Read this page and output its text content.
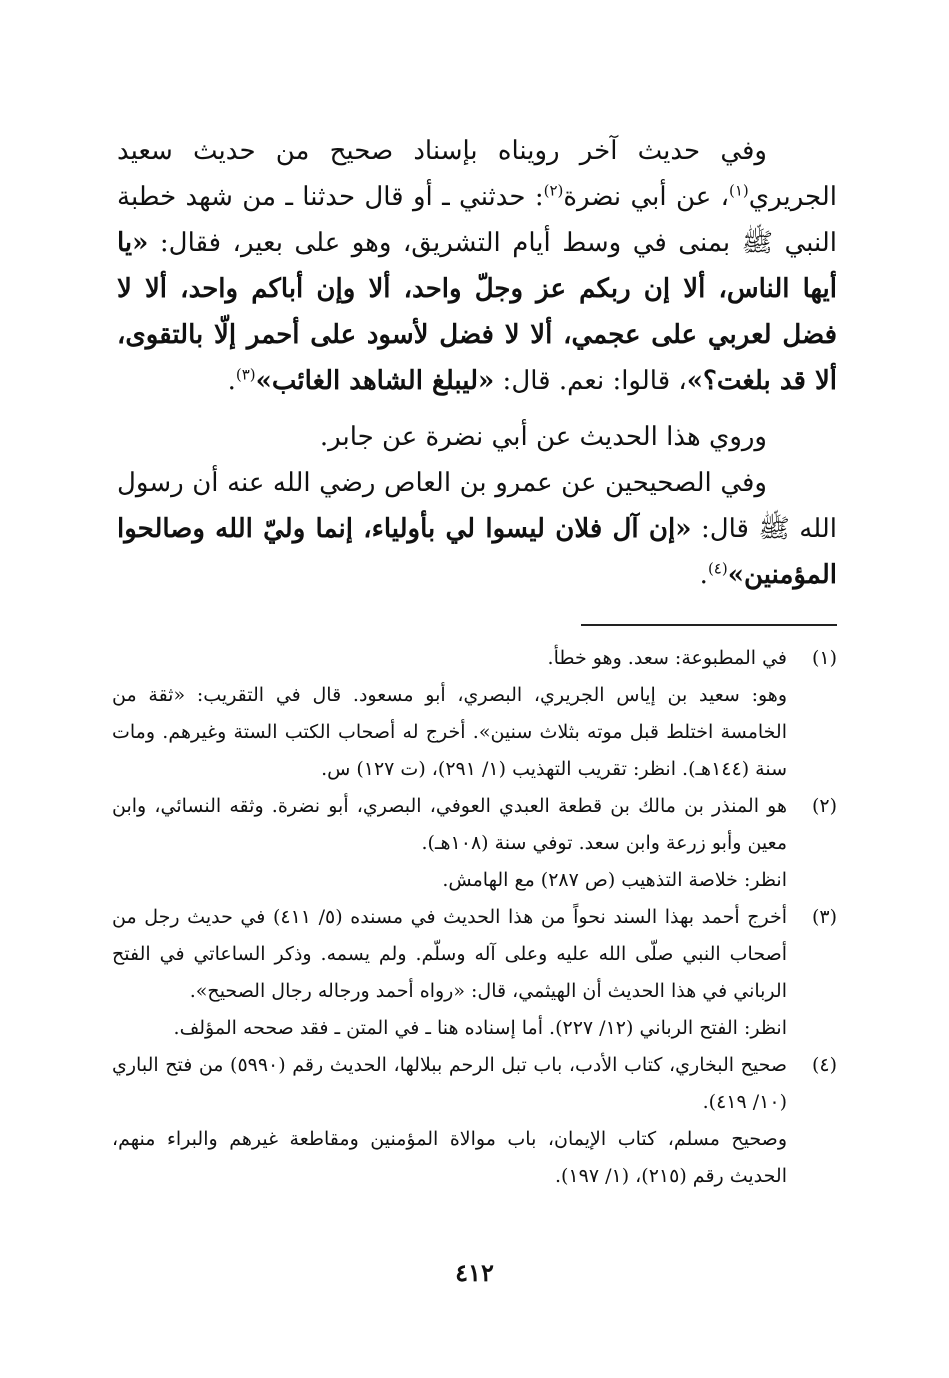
وفي حديث آخر رويناه بإسناد صحيح من حديث سعيد الجريري$^{(١)}$، عن أبي نضرة$^{(٢)}$: حدثني ـ أو قال حدثنا ـ من شهد خطبة النبي ﷺ بمنى في وسط أيام التشريق، وهو على بعير، فقال: «يا أيها الناس، ألا إن ربكم عز وجلّ واحد، ألا وإن أباكم واحد، ألا لا فضل لعربي على عجمي، ألا لا فضل لأسود على أحمر إلّا بالتقوى، ألا قد بلغت؟»، قالوا: نعم. قال: «ليبلغ الشاهد الغائب»$^{(٣)}$.

وروي هذا الحديث عن أبي نضرة عن جابر.

وفي الصحيحين عن عمرو بن العاص رضي الله عنه أن رسول الله ﷺ قال: «إن آل فلان ليسوا لي بأولياء، إنما وليّ الله وصالحوا المؤمنين»$^{(٤)}$.

(١)

في المطبوعة: سعد. وهو خطأ.

وهو: سعيد بن إياس الجريري، البصري، أبو مسعود. قال في التقريب: «ثقة من الخامسة اختلط قبل موته بثلاث سنين». أخرج له أصحاب الكتب الستة وغيرهم. ومات سنة (١٤٤هـ). انظر: تقريب التهذيب (١/ ٢٩١)، (ت ١٢٧) س.

(٢)

هو المنذر بن مالك بن قطعة العبدي العوفي، البصري، أبو نضرة. وثقه النسائي، وابن معين وأبو زرعة وابن سعد. توفي سنة (١٠٨هـ).

انظر: خلاصة التذهيب (ص ٢٨٧) مع الهامش.

(٣)

أخرج أحمد بهذا السند نحواً من هذا الحديث في مسنده (٥/ ٤١١) في حديث رجل من أصحاب النبي صلّى الله عليه وعلى آله وسلّم. ولم يسمه. وذكر الساعاتي في الفتح الرباني في هذا الحديث أن الهيثمي، قال: «رواه أحمد ورجاله رجال الصحيح».

انظر: الفتح الرباني (١٢/ ٢٢٧). أما إسناده هنا ـ في المتن ـ فقد صححه المؤلف.

(٤)

صحيح البخاري، كتاب الأدب، باب تبل الرحم ببلالها، الحديث رقم (٥٩٩٠) من فتح الباري (١٠/ ٤١٩).

وصحيح مسلم، كتاب الإيمان، باب موالاة المؤمنين ومقاطعة غيرهم والبراء منهم، الحديث رقم (٢١٥)، (١/ ١٩٧).

٤١٢
